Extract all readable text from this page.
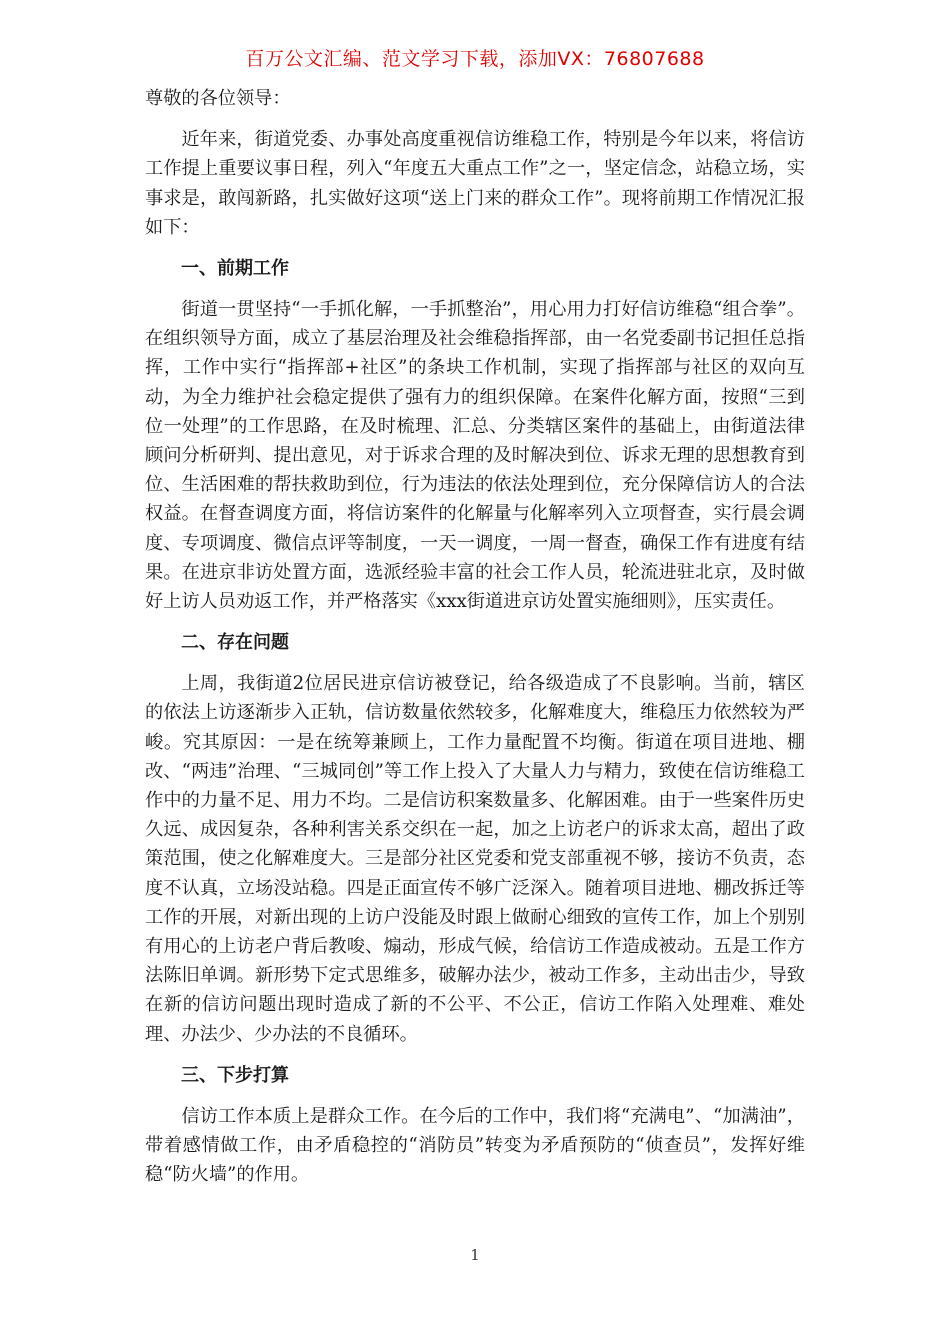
百万公文汇编、范文学习下载，添加VX：76807688
尊敬的各位领导：

近年来，街道党委、办事处高度重视信访维稳工作，特别是今年以来，将信访工作提上重要议事日程，列入“年度五大重点工作”之一，坚定信念，站稳立场，实事求是，敢闯新路，扎实做好这项“送上门来的群众工作”。现将前期工作情况汇报如下：

一、前期工作

街道一贯坚持“一手抓化解，一手抓整治”，用心用力打好信访维稳“组合拳”。在组织领导方面，成立了基层治理及社会维稳指挥部，由一名党委副书记担任总指挥，工作中实行“指挥部+社区”的条块工作机制，实现了指挥部与社区的双向互动，为全力维护社会稳定提供了强有力的组织保障。在案件化解方面，按照“三到位一处理”的工作思路，在及时梳理、汇总、分类辖区案件的基础上，由街道法律顾问分析研判、提出意见，对于诉求合理的及时解决到位、诉求无理的思想教育到位、生活困难的帮扶救助到位，行为违法的依法处理到位，充分保障信访人的合法权益。在督查调度方面，将信访案件的化解量与化解率列入立项督查，实行晨会调度、专项调度、微信点评等制度，一天一调度，一周一督查，确保工作有进度有结果。在进京非访处置方面，选派经验丰富的社会工作人员，轮流进驻北京，及时做好上访人员劝返工作，并严格落实《xxx街道进京访处置实施细则》，压实责任。

二、存在问题

上周，我街道2位居民进京信访被登记，给各级造成了不良影响。当前，辖区的依法上访逐渐步入正轨，信访数量依然较多，化解难度大，维稳压力依然较为严峻。究其原因：一是在统筹兼顾上，工作力量配置不均衡。街道在项目进地、棚改、“两违”治理、“三城同创”等工作上投入了大量人力与精力，致使在信访维稳工作中的力量不足、用力不均。二是信访积案数量多、化解困难。由于一些案件历史久远、成因复杂，各种利害关系交织在一起，加之上访老户的诉求太高，超出了政策范围，使之化解难度大。三是部分社区党委和党支部重视不够，接访不负责，态度不认真，立场没站稳。四是正面宣传不够广泛深入。随着项目进地、棚改拆迁等工作的开展，对新出现的上访户没能及时跟上做耐心细致的宣传工作，加上个别别有用心的上访老户背后教唆、煽动，形成气候，给信访工作造成被动。五是工作方法陈旧单调。新形势下定式思维多，破解办法少，被动工作多，主动出击少，导致在新的信访问题出现时造成了新的不公平、不公正，信访工作陷入处理难、难处理、办法少、少办法的不良循环。

三、下步打算

信访工作本质上是群众工作。在今后的工作中，我们将“充满电”、“加满油”，带着感情做工作，由矛盾稳控的“消防员”转变为矛盾预防的“侦查员”，发挥好维稳“防火墙”的作用。

1
